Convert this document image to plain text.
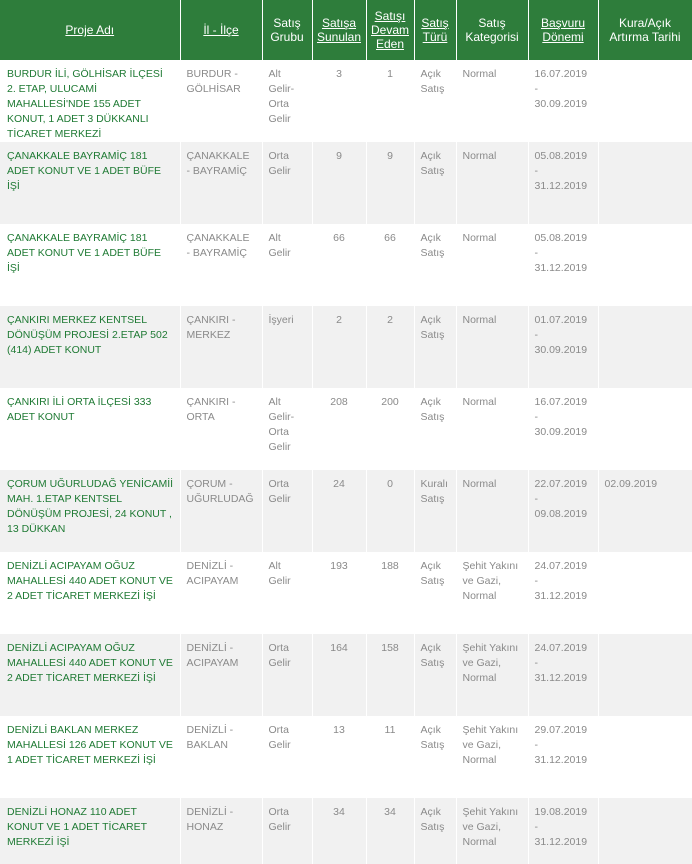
Proje Adı	İl - İlçe	Satış Grubu	Satışa Sunulan	Satışı Devam Eden	Satış Türü	Satış Kategorisi	Başvuru Dönemi	Kura/Açık Artırma Tarihi
BURDUR İLİ, GÖLHİSAR İLÇESİ 2. ETAP, ULUCAMİ MAHALLESİ'NDE 155 ADET KONUT, 1 ADET 3 DÜKKANLI TİCARET MERKEZİ	BURDUR - GÖLHİSAR	Alt Gelir-Orta Gelir	3	1	Açık Satış	Normal	16.07.2019 - 30.09.2019	
ÇANAKKALE BAYRAMİÇ 181 ADET KONUT VE 1 ADET BÜFE İŞİ	ÇANAKKALE - BAYRAMİÇ	Orta Gelir	9	9	Açık Satış	Normal	05.08.2019 - 31.12.2019	
ÇANAKKALE BAYRAMİÇ 181 ADET KONUT VE 1 ADET BÜFE İŞİ	ÇANAKKALE - BAYRAMİÇ	Alt Gelir	66	66	Açık Satış	Normal	05.08.2019 - 31.12.2019	
ÇANKIRI MERKEZ KENTSEL DÖNÜŞÜM PROJESİ 2.ETAP 502 (414) ADET KONUT	ÇANKIRI - MERKEZ	İşyeri	2	2	Açık Satış	Normal	01.07.2019 - 30.09.2019	
ÇANKIRI İLİ ORTA İLÇESİ 333 ADET KONUT	ÇANKIRI - ORTA	Alt Gelir-Orta Gelir	208	200	Açık Satış	Normal	16.07.2019 - 30.09.2019	
ÇORUM UĞURLUDAĞ YENİCAMİİ MAH. 1.ETAP KENTSEL DÖNÜŞÜM PROJESİ, 24 KONUT , 13 DÜKKAN	ÇORUM - UĞURLUDAĞ	Orta Gelir	24	0	Kuralı Satış	Normal	22.07.2019 - 09.08.2019	02.09.2019
DENİZLİ ACIPAYAM OĞUZ MAHALLESİ 440 ADET KONUT VE 2 ADET TİCARET MERKEZİ İŞİ	DENİZLİ - ACIPAYAM	Alt Gelir	193	188	Açık Satış	Şehit Yakını ve Gazi, Normal	24.07.2019 - 31.12.2019	
DENİZLİ ACIPAYAM OĞUZ MAHALLESİ 440 ADET KONUT VE 2 ADET TİCARET MERKEZİ İŞİ	DENİZLİ - ACIPAYAM	Orta Gelir	164	158	Açık Satış	Şehit Yakını ve Gazi, Normal	24.07.2019 - 31.12.2019	
DENİZLİ BAKLAN MERKEZ MAHALLESİ 126 ADET KONUT VE 1 ADET TİCARET MERKEZİ İŞİ	DENİZLİ - BAKLAN	Orta Gelir	13	11	Açık Satış	Şehit Yakını ve Gazi, Normal	29.07.2019 - 31.12.2019	
DENİZLİ HONAZ 110 ADET KONUT VE 1 ADET TİCARET MERKEZİ İŞİ	DENİZLİ - HONAZ	Orta Gelir	34	34	Açık Satış	Şehit Yakını ve Gazi, Normal	19.08.2019 - 31.12.2019	
